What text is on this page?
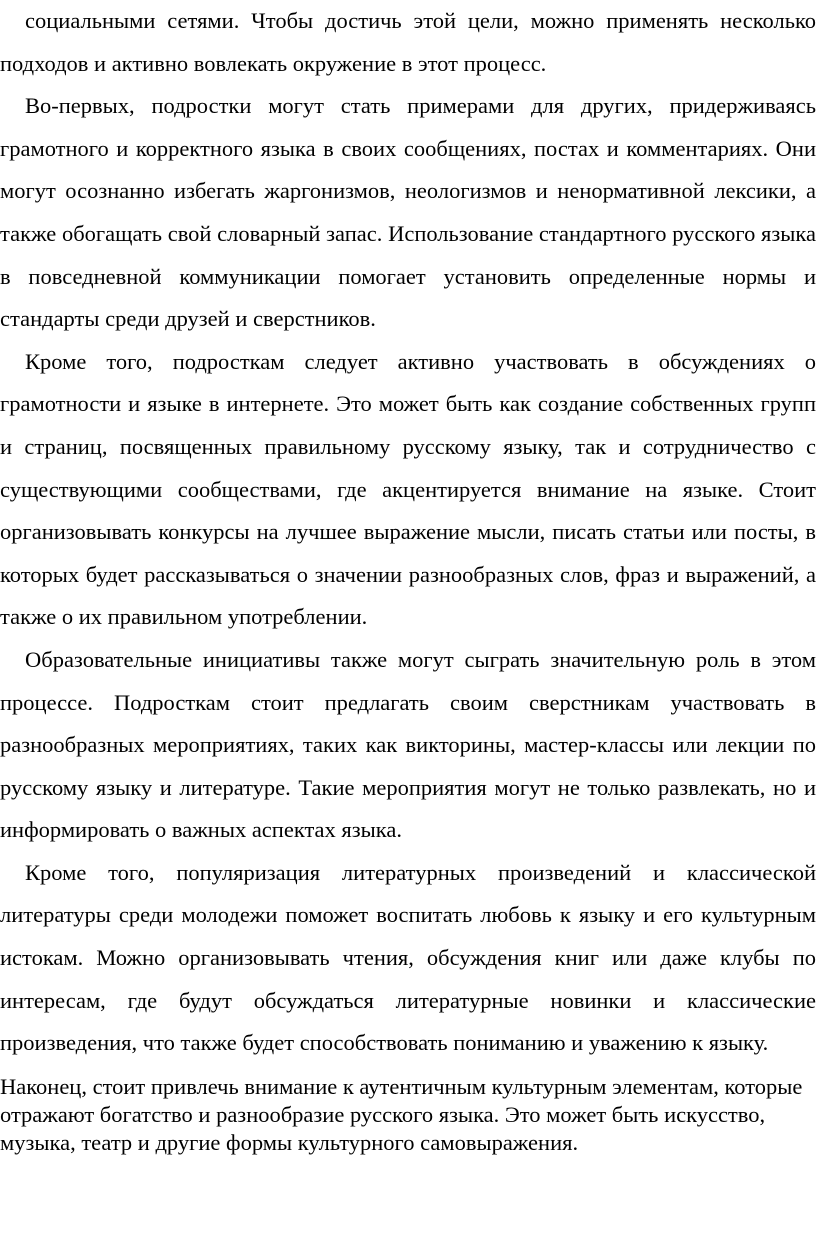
социальными сетями. Чтобы достичь этой цели, можно применять несколько подходов и активно вовлекать окружение в этот процесс.

Во-первых, подростки могут стать примерами для других, придерживаясь грамотного и корректного языка в своих сообщениях, постах и комментариях. Они могут осознанно избегать жаргонизмов, неологизмов и ненормативной лексики, а также обогащать свой словарный запас. Использование стандартного русского языка в повседневной коммуникации помогает установить определенные нормы и стандарты среди друзей и сверстников.

Кроме того, подросткам следует активно участвовать в обсуждениях о грамотности и языке в интернете. Это может быть как создание собственных групп и страниц, посвященных правильному русскому языку, так и сотрудничество с существующими сообществами, где акцентируется внимание на языке. Стоит организовывать конкурсы на лучшее выражение мысли, писать статьи или посты, в которых будет рассказываться о значении разнообразных слов, фраз и выражений, а также о их правильном употреблении.

Образовательные инициативы также могут сыграть значительную роль в этом процессе. Подросткам стоит предлагать своим сверстникам участвовать в разнообразных мероприятиях, таких как викторины, мастер-классы или лекции по русскому языку и литературе. Такие мероприятия могут не только развлекать, но и информировать о важных аспектах языка.

Кроме того, популяризация литературных произведений и классической литературы среди молодежи поможет воспитать любовь к языку и его культурным истокам. Можно организовывать чтения, обсуждения книг или даже клубы по интересам, где будут обсуждаться литературные новинки и классические произведения, что также будет способствовать пониманию и уважению к языку.

Наконец, стоит привлечь внимание к аутентичным культурным элементам, которые отражают богатство и разнообразие русского языка. Это может быть искусство, музыка, театр и другие формы культурного самовыражения.
